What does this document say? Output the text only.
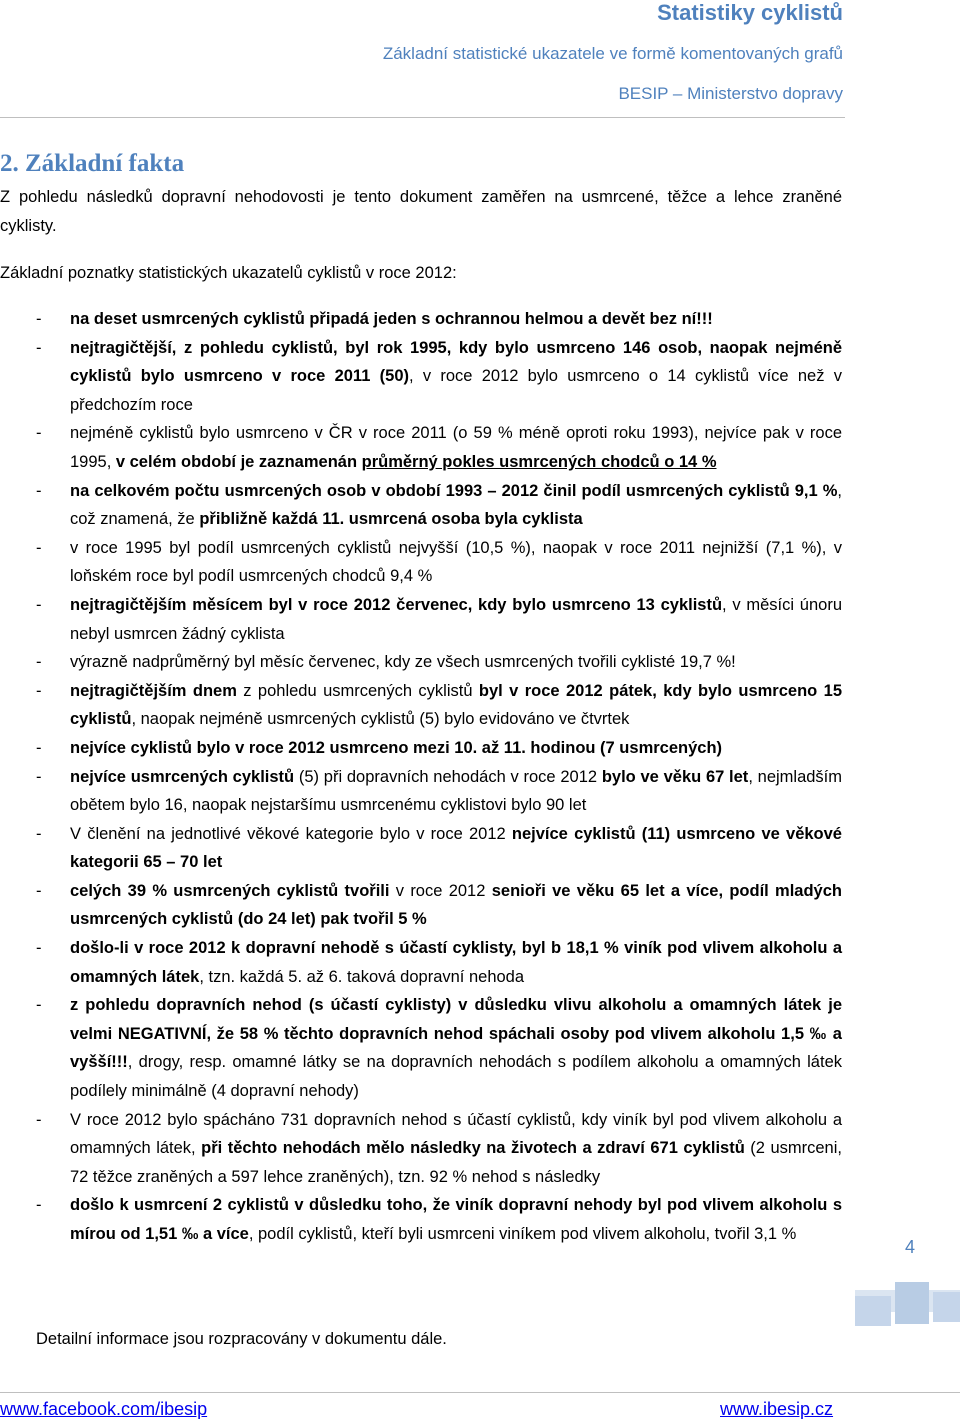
Statistiky cyklistů
Základní statistické ukazatele ve formě komentovaných grafů
BESIP – Ministerstvo dopravy
2. Základní fakta
Z pohledu následků dopravní nehodovosti je tento dokument zaměřen na usmrcené, těžce a lehce zraněné cyklisty.
Základní poznatky statistických ukazatelů cyklistů v roce 2012:
- na deset usmrcených cyklistů připadá jeden s ochrannou helmou a devět bez ní!!!
- nejtragičtější, z pohledu cyklistů, byl rok 1995, kdy bylo usmrceno 146 osob, naopak nejméně cyklistů bylo usmrceno v roce 2011 (50), v roce 2012 bylo usmrceno o 14 cyklistů více než v předchozím roce
- nejméně cyklistů bylo usmrceno v ČR v roce 2011 (o 59 % méně oproti roku 1993), nejvíce pak v roce 1995, v celém období je zaznamenán průměrný pokles usmrcených chodců o 14 %
- na celkovém počtu usmrcených osob v období 1993 – 2012 činil podíl usmrcených cyklistů 9,1 %, což znamená, že přibližně každá 11. usmrcená osoba byla cyklista
- v roce 1995 byl podíl usmrcených cyklistů nejvyšší (10,5 %), naopak v roce 2011 nejnižší (7,1 %), v loňském roce byl podíl usmrcených chodců 9,4 %
- nejtragičtějším měsícem byl v roce 2012 červenec, kdy bylo usmrceno 13 cyklistů, v měsíci únoru nebyl usmrcen žádný cyklista
- výrazně nadprůměrný byl měsíc červenec, kdy ze všech usmrcených tvořili cyklisté 19,7 %!
- nejtragičtějším dnem z pohledu usmrcených cyklistů byl v roce 2012 pátek, kdy bylo usmrceno 15 cyklistů, naopak nejméně usmrcených cyklistů (5) bylo evidováno ve čtvrtek
- nejvíce cyklistů bylo v roce 2012 usmrceno mezi 10. až 11. hodinou (7 usmrcených)
- nejvíce usmrcených cyklistů (5) při dopravních nehodách v roce 2012 bylo ve věku 67 let, nejmladším obětem bylo 16, naopak nejstaršímu usmrcenému cyklistovi bylo 90 let
- V členění na jednotlivé věkové kategorie bylo v roce 2012 nejvíce cyklistů (11) usmrceno ve věkové kategorii 65 – 70 let
- celých 39 % usmrcených cyklistů tvořili v roce 2012 senioři ve věku 65 let a více, podíl mladých usmrcených cyklistů (do 24 let) pak tvořil 5 %
- došlo-li v roce 2012 k dopravní nehodě s účastí cyklisty, byl b 18,1 % viník pod vlivem alkoholu a omamných látek, tzn. každá 5. až 6. taková dopravní nehoda
- z pohledu dopravních nehod (s účastí cyklisty) v důsledku vlivu alkoholu a omamných látek je velmi NEGATIVNÍ, že 58 % těchto dopravních nehod spáchali osoby pod vlivem alkoholu 1,5 ‰ a vyšší!!!, drogy, resp. omamné látky se na dopravních nehodách s podílem alkoholu a omamných látek podílely minimálně (4 dopravní nehody)
- V roce 2012 bylo spácháno 731 dopravních nehod s účastí cyklistů, kdy viník byl pod vlivem alkoholu a omamných látek, při těchto nehodách mělo následky na životech a zdraví 671 cyklistů (2 usmrceni, 72 těžce zraněných a 597 lehce zraněných), tzn. 92 % nehod s následky
- došlo k usmrcení 2 cyklistů v důsledku toho, že viník dopravní nehody byl pod vlivem alkoholu s mírou od 1,51 ‰ a více, podíl cyklistů, kteří byli usmrceni viníkem pod vlivem alkoholu, tvořil 3,1 %
Detailní informace jsou rozpracovány v dokumentu dále.
4
www.facebook.com/ibesip	www.ibesip.cz
